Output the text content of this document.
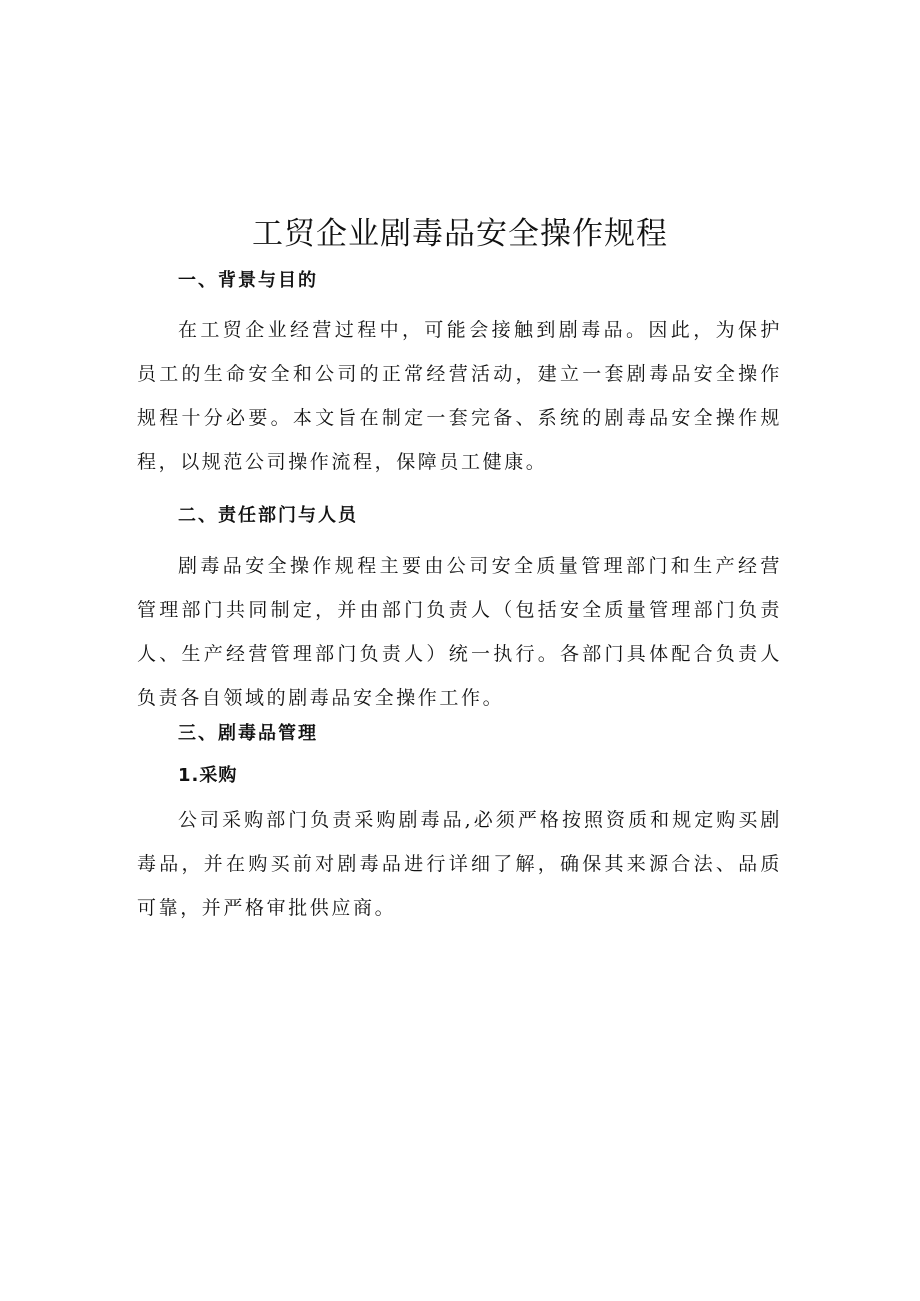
工贸企业剧毒品安全操作规程
一、背景与目的

在工贸企业经营过程中，可能会接触到剧毒品。因此，为保护员工的生命安全和公司的正常经营活动，建立一套剧毒品安全操作规程十分必要。本文旨在制定一套完备、系统的剧毒品安全操作规程，以规范公司操作流程，保障员工健康。

二、责任部门与人员

剧毒品安全操作规程主要由公司安全质量管理部门和生产经营管理部门共同制定，并由部门负责人（包括安全质量管理部门负责人、生产经营管理部门负责人）统一执行。各部门具体配合负责人负责各自领域的剧毒品安全操作工作。

三、剧毒品管理
1.采购

公司采购部门负责采购剧毒品,必须严格按照资质和规定购买剧毒品，并在购买前对剧毒品进行详细了解，确保其来源合法、品质可靠，并严格审批供应商。
